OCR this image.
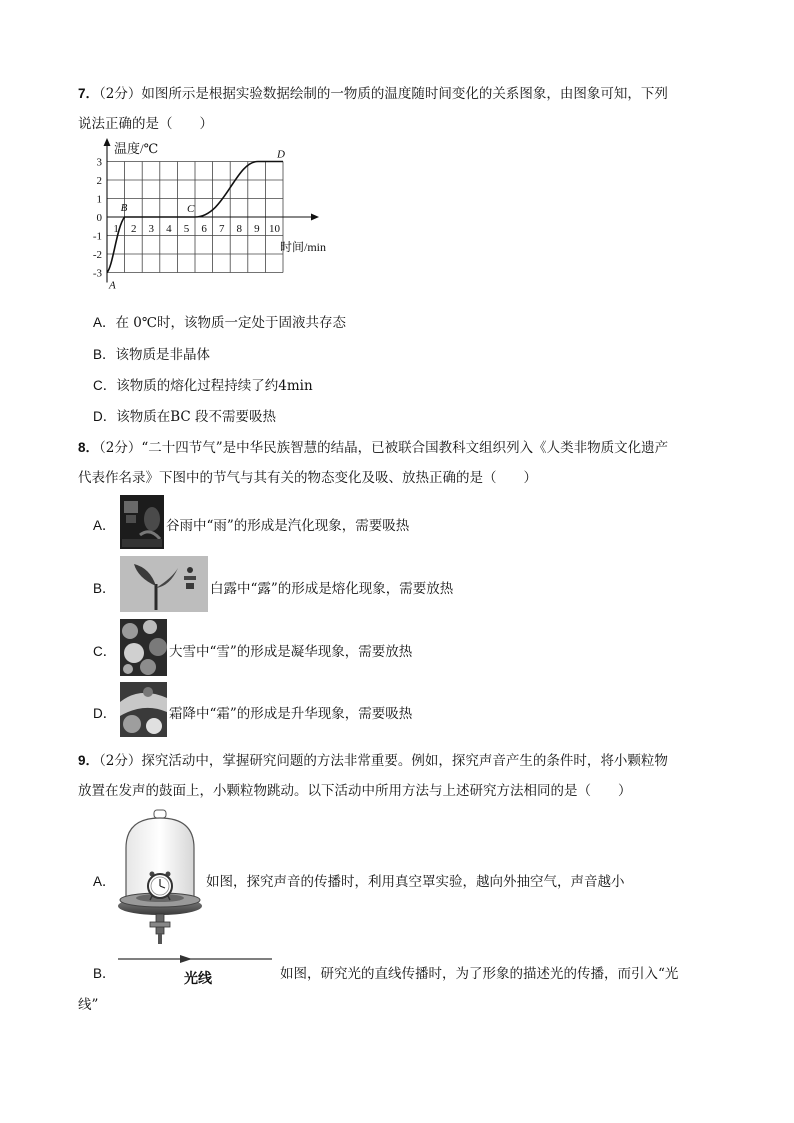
7．（2分）如图所示是根据实验数据绘制的一物质的温度随时间变化的关系图象，由图象可知，下列
说法正确的是（　　）
3
2
1
0
-1
-2
-3
1 2 3 4 5 6 7 8 9 10
温度/℃
时间/min
A
B	C
D
A．在 0℃时，该物质一定处于固液共存态
B．该物质是非晶体
C．该物质的熔化过程持续了约4min
D．该物质在BC 段不需要吸热
8．（2分）“二十四节气”是中华民族智慧的结晶，已被联合国教科文组织列入《人类非物质文化遗产
代表作名录》下图中的节气与其有关的物态变化及吸、放热正确的是（　　）
A．	谷雨中“雨”的形成是汽化现象，需要吸热
B．	白露中“露”的形成是熔化现象，需要放热
C．	大雪中“雪”的形成是凝华现象，需要放热
D．	霜降中“霜”的形成是升华现象，需要吸热
9．（2分）探究活动中，掌握研究问题的方法非常重要。例如，探究声音产生的条件时，将小颗粒物
放置在发声的鼓面上，小颗粒物跳动。以下活动中所用方法与上述研究方法相同的是（　　）
A．	如图，探究声音的传播时，利用真空罩实验，越向外抽空气，声音越小
B．	光线	如图，研究光的直线传播时，为了形象的描述光的传播，而引入“光
线”
